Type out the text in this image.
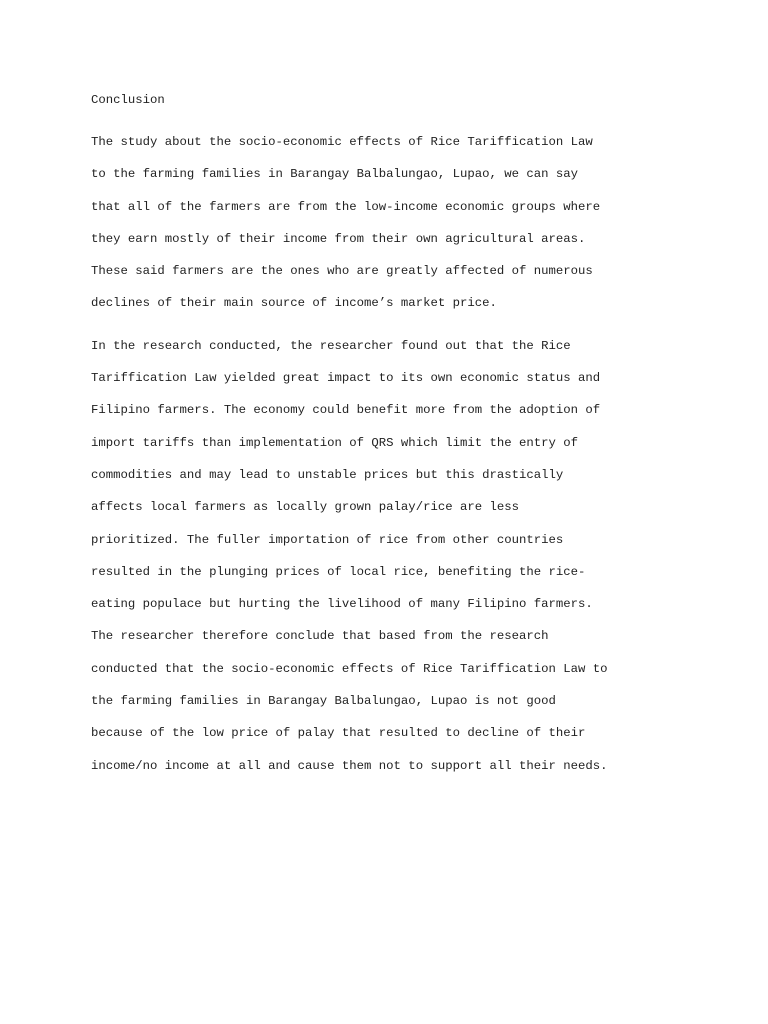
Conclusion
The study about the socio-economic effects of Rice Tariffication Law
to the farming families in Barangay Balbalungao, Lupao, we can say
that all of the farmers are from the low-income economic groups where
they earn mostly of their income from their own agricultural areas.
These said farmers are the ones who are greatly affected of numerous
declines of their main source of income’s market price.
In the research conducted, the researcher found out that the Rice
Tariffication Law yielded great impact to its own economic status and
Filipino farmers. The economy could benefit more from the adoption of
import tariffs than implementation of QRS which limit the entry of
commodities and may lead to unstable prices but this drastically
affects local farmers as locally grown palay/rice are less
prioritized. The fuller importation of rice from other countries
resulted in the plunging prices of local rice, benefiting the rice-
eating populace but hurting the livelihood of many Filipino farmers.
The researcher therefore conclude that based from the research
conducted that the socio-economic effects of Rice Tariffication Law to
the farming families in Barangay Balbalungao, Lupao is not good
because of the low price of palay that resulted to decline of their
income/no income at all and cause them not to support all their needs.
